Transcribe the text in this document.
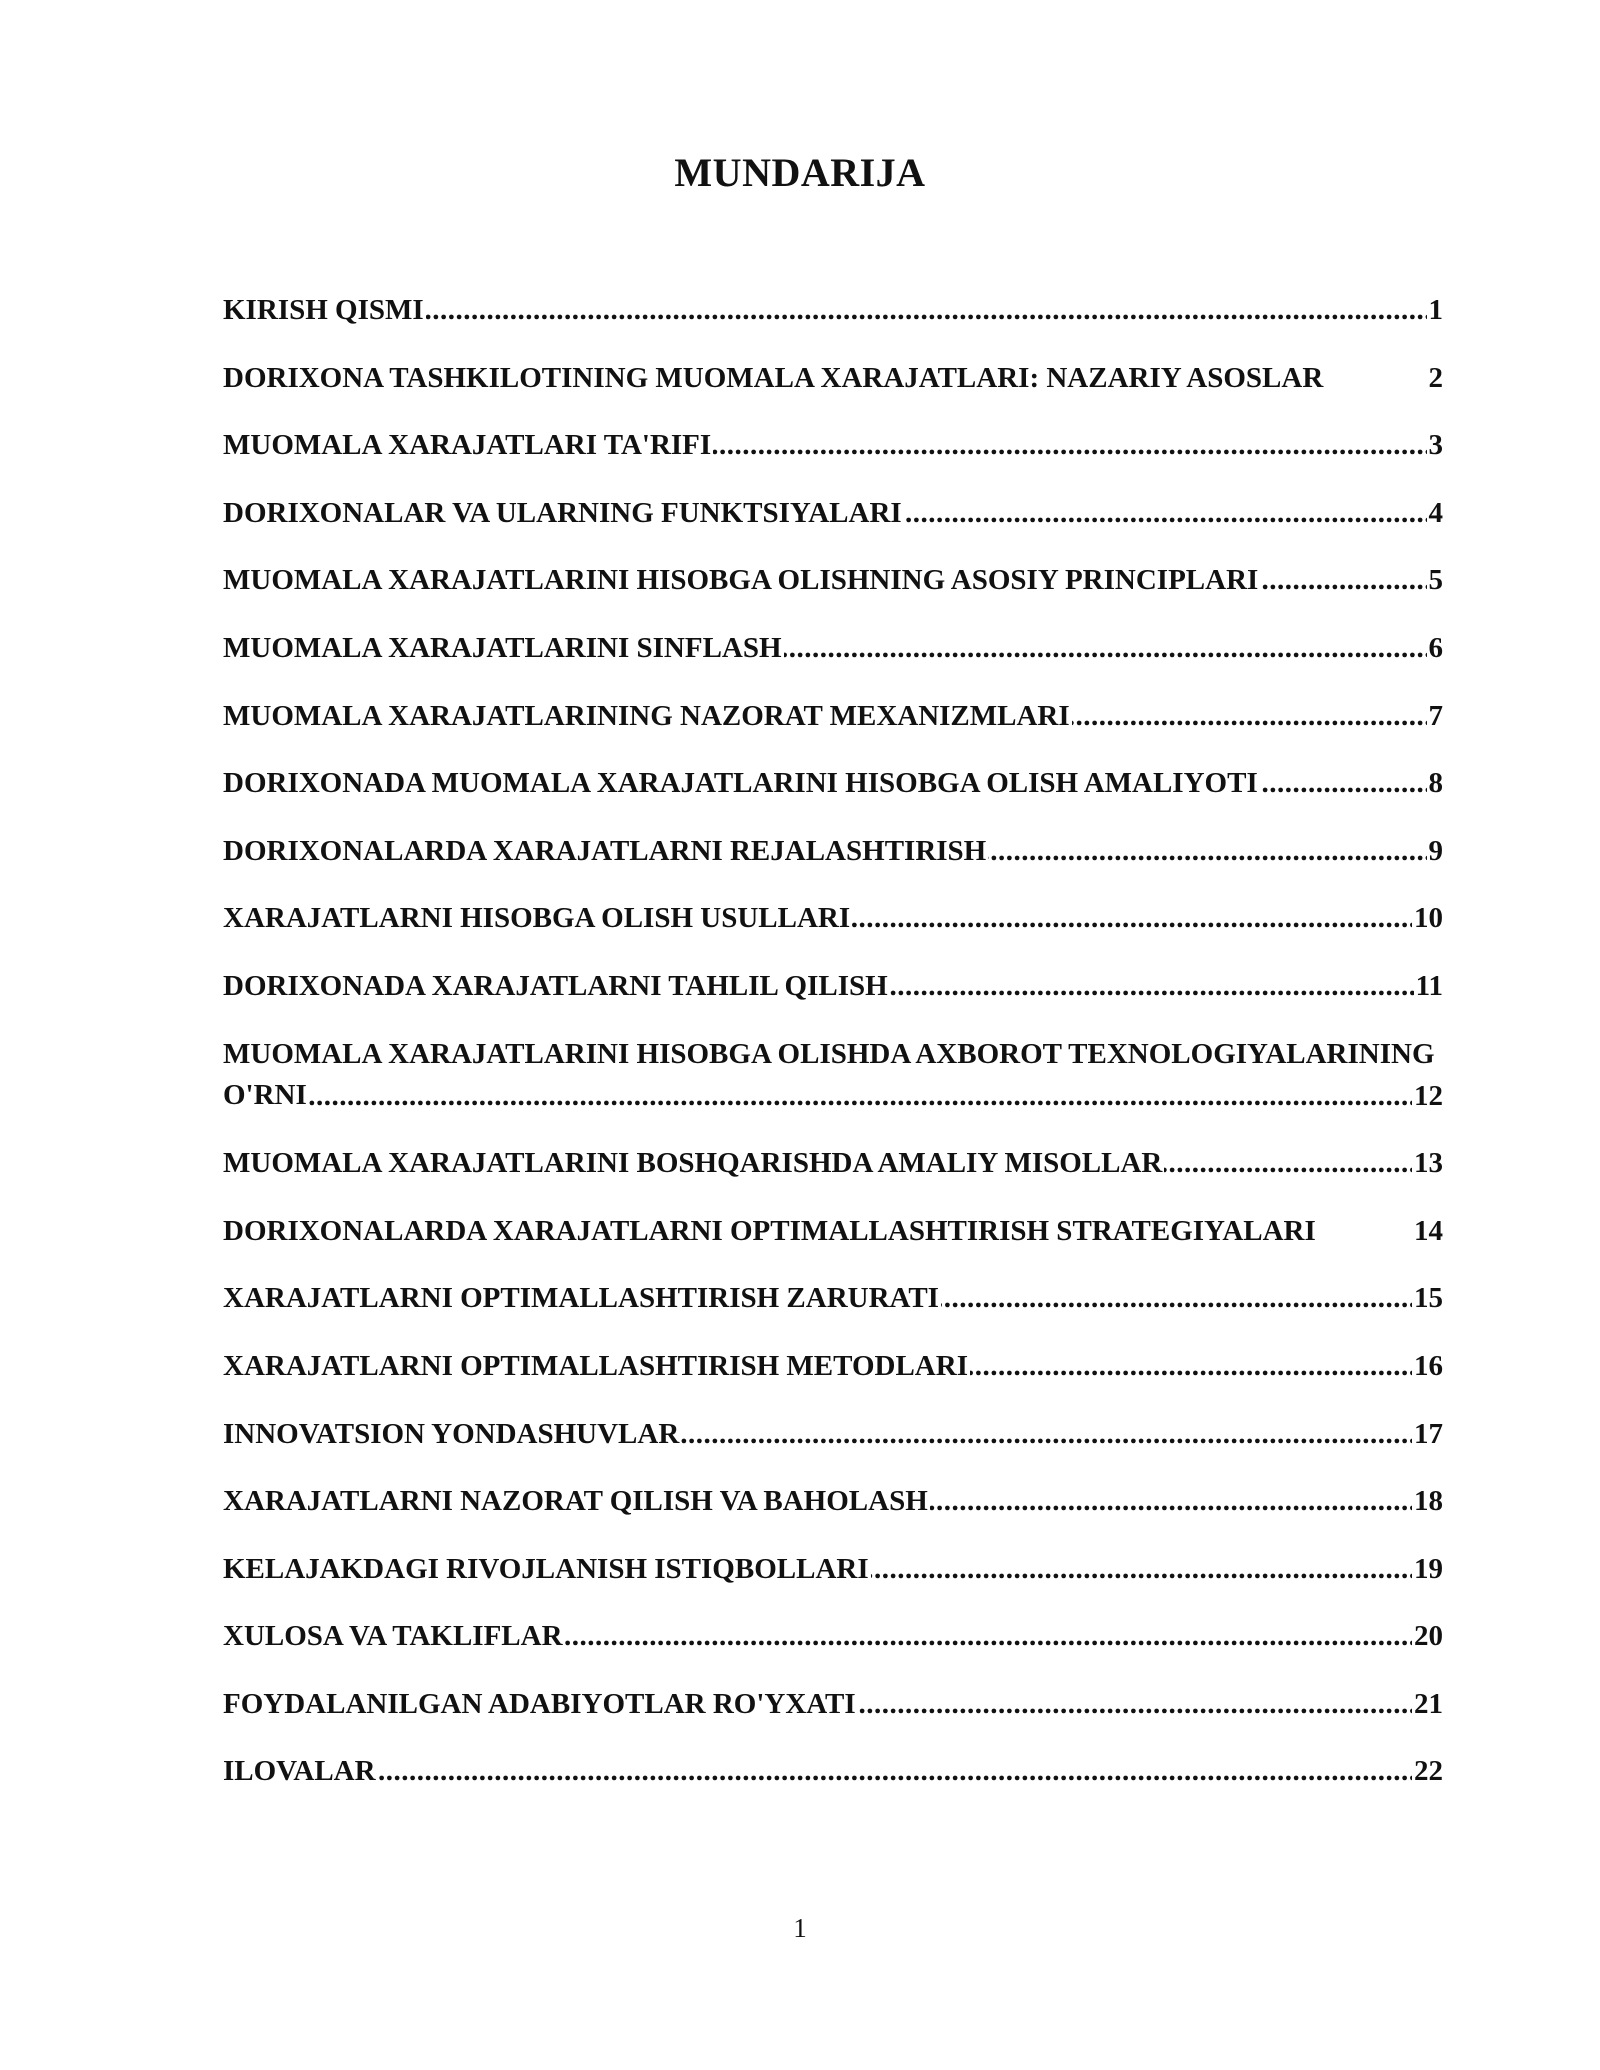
MUNDARIJA
.....
KIRISH QISMI	1
DORIXONA TASHKILOTINING MUOMALA XARAJATLARI: NAZARIY ASOSLAR	2
.....
MUOMALA XARAJATLARI TA'RIFI	3
.....
DORIXONALAR VA ULARNING FUNKTSIYALARI	4
.....
MUOMALA XARAJATLARINI HISOBGA OLISHNING ASOSIY PRINCIPLARI	5
.....
MUOMALA XARAJATLARINI SINFLASH	6
.....
MUOMALA XARAJATLARINING NAZORAT MEXANIZMLARI	7
.....
DORIXONADA MUOMALA XARAJATLARINI HISOBGA OLISH AMALIYOTI	8
.....
DORIXONALARDA XARAJATLARNI REJALASHTIRISH	9
.....
XARAJATLARNI HISOBGA OLISH USULLARI	10
.....
DORIXONADA XARAJATLARNI TAHLIL QILISH	11
.....
MUOMALA XARAJATLARINI HISOBGA OLISHDA AXBOROT TEXNOLOGIYALARINING O'RNI	12
.....
MUOMALA XARAJATLARINI BOSHQARISHDA AMALIY MISOLLAR	13
DORIXONALARDA XARAJATLARNI OPTIMALLASHTIRISH STRATEGIYALARI	14
.....
XARAJATLARNI OPTIMALLASHTIRISH ZARURATI	15
.....
XARAJATLARNI OPTIMALLASHTIRISH METODLARI	16
.....
INNOVATSION YONDASHUVLAR	17
.....
XARAJATLARNI NAZORAT QILISH VA BAHOLASH	18
.....
KELAJAKDAGI RIVOJLANISH ISTIQBOLLARI	19
.....
XULOSA VA TAKLIFLAR	20
.....
FOYDALANILGAN ADABIYOTLAR RO'YXATI	21
.....
ILOVALAR	22
1
